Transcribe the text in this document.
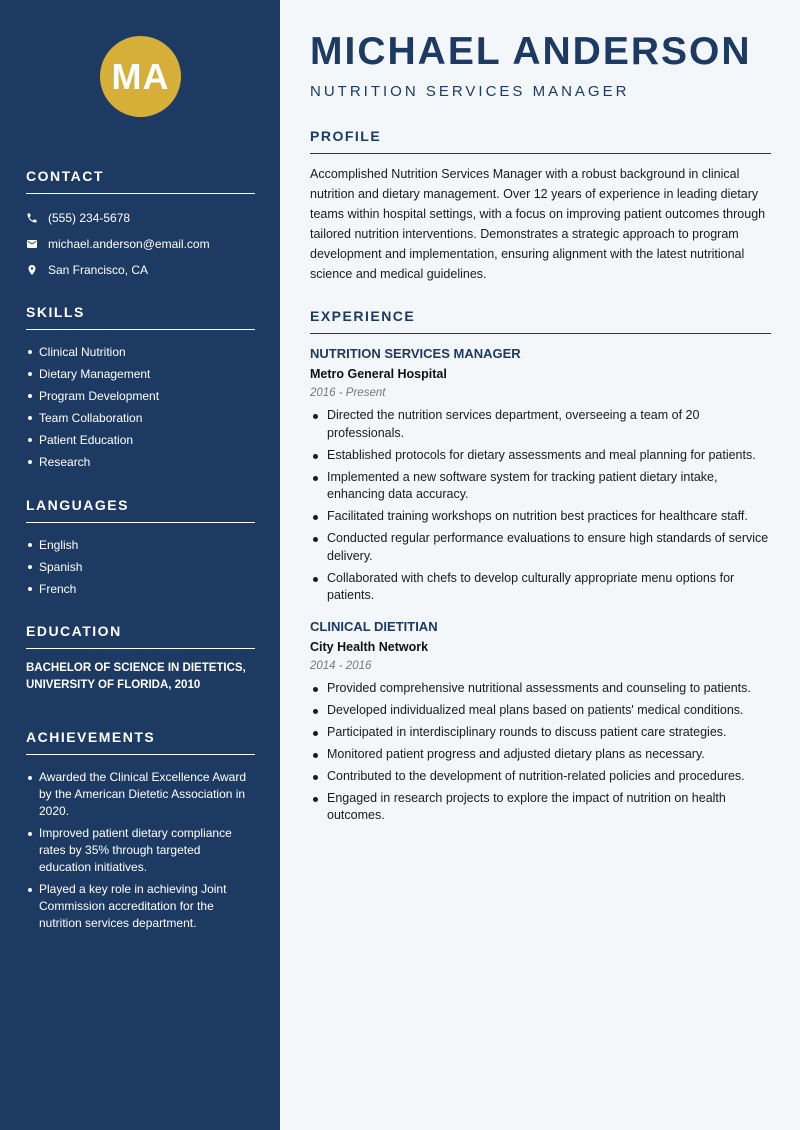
MA
CONTACT
(555) 234-5678
michael.anderson@email.com
San Francisco, CA
SKILLS
Clinical Nutrition
Dietary Management
Program Development
Team Collaboration
Patient Education
Research
LANGUAGES
English
Spanish
French
EDUCATION
BACHELOR OF SCIENCE IN DIETETICS,
UNIVERSITY OF FLORIDA, 2010
ACHIEVEMENTS
Awarded the Clinical Excellence Award by the American Dietetic Association in 2020.
Improved patient dietary compliance rates by 35% through targeted education initiatives.
Played a key role in achieving Joint Commission accreditation for the nutrition services department.
MICHAEL ANDERSON
NUTRITION SERVICES MANAGER
PROFILE

Accomplished Nutrition Services Manager with a robust background in clinical nutrition and dietary management. Over 12 years of experience in leading dietary teams within hospital settings, with a focus on improving patient outcomes through tailored nutrition interventions. Demonstrates a strategic approach to program development and implementation, ensuring alignment with the latest nutritional science and medical guidelines.

EXPERIENCE
NUTRITION SERVICES MANAGER
Metro General Hospital
2016 - Present
Directed the nutrition services department, overseeing a team of 20 professionals.
Established protocols for dietary assessments and meal planning for patients.
Implemented a new software system for tracking patient dietary intake, enhancing data accuracy.
Facilitated training workshops on nutrition best practices for healthcare staff.
Conducted regular performance evaluations to ensure high standards of service delivery.
Collaborated with chefs to develop culturally appropriate menu options for patients.
CLINICAL DIETITIAN
City Health Network
2014 - 2016
Provided comprehensive nutritional assessments and counseling to patients.
Developed individualized meal plans based on patients' medical conditions.
Participated in interdisciplinary rounds to discuss patient care strategies.
Monitored patient progress and adjusted dietary plans as necessary.
Contributed to the development of nutrition-related policies and procedures.
Engaged in research projects to explore the impact of nutrition on health outcomes.
